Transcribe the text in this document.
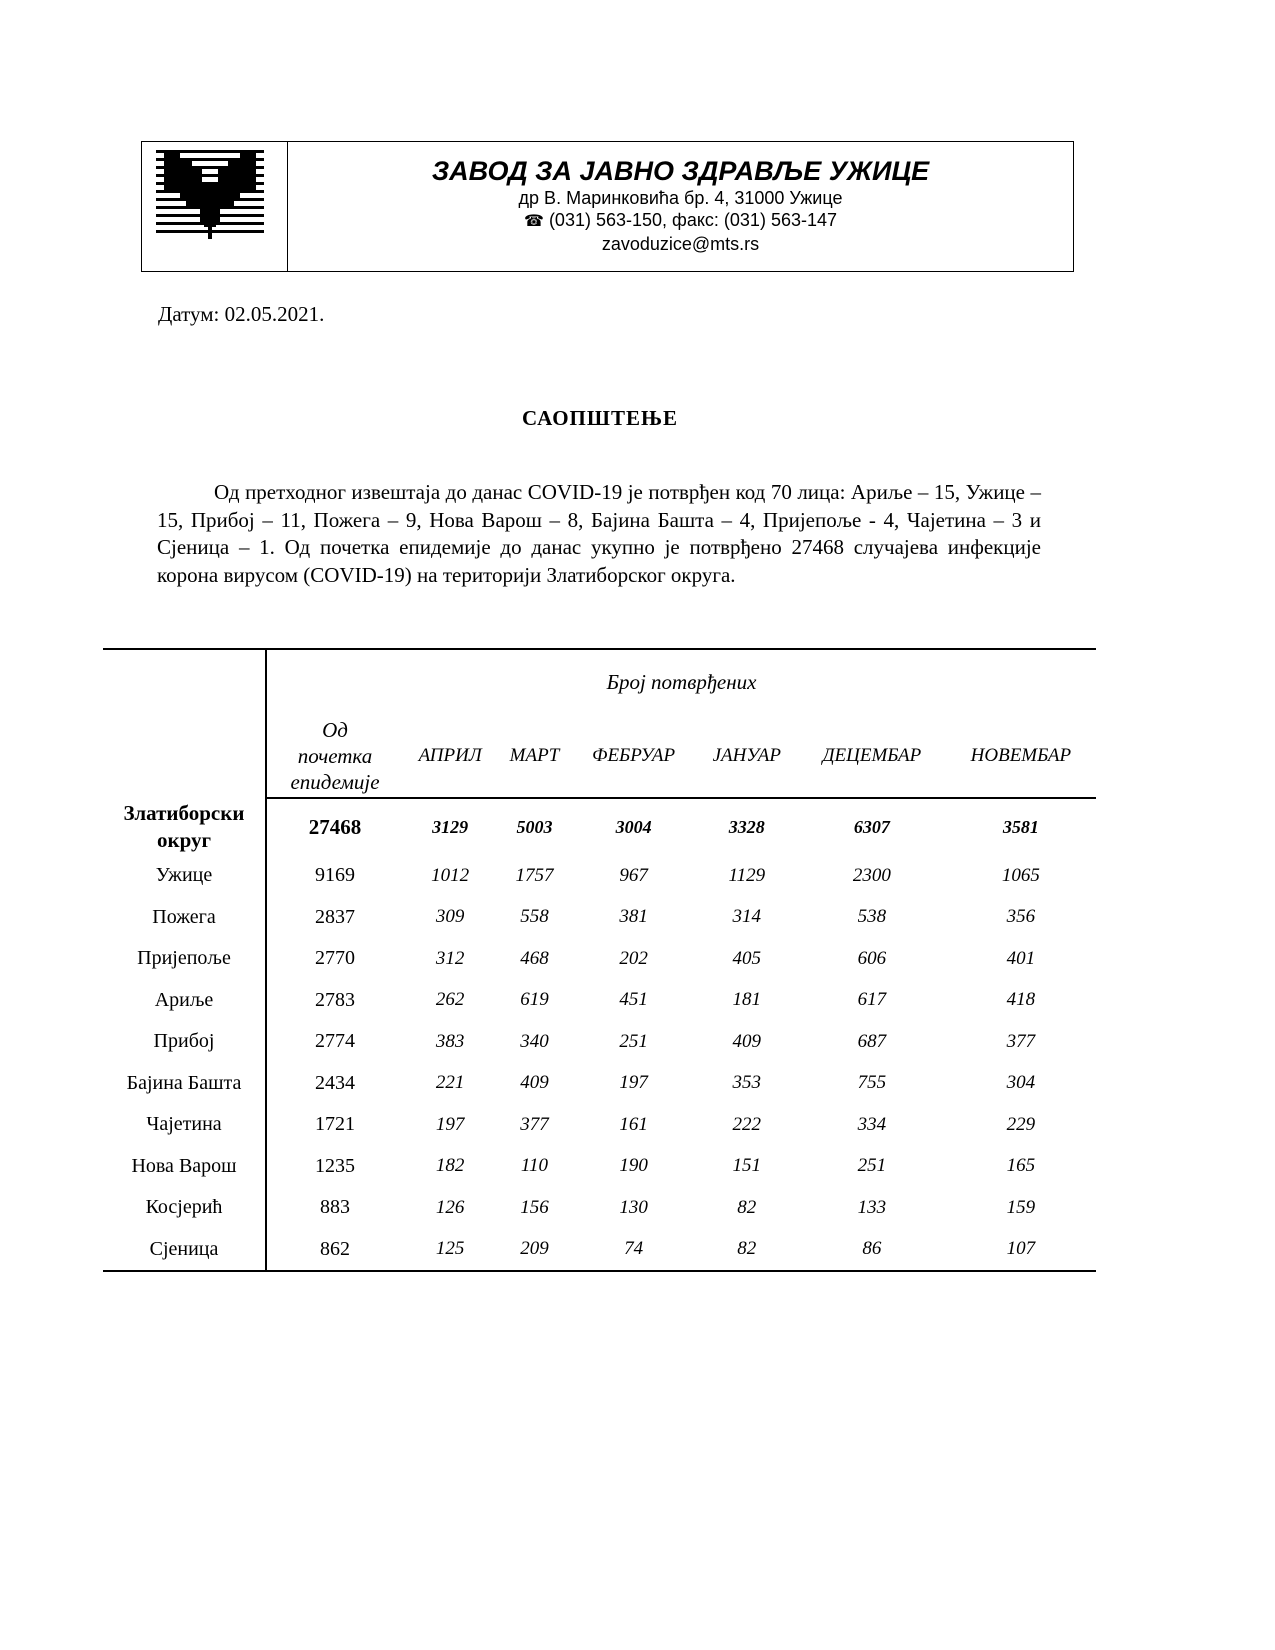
ЗАВОД ЗА ЈАВНО ЗДРАВЉЕ УЖИЦЕ
др В. Маринковића бр. 4, 31000 Ужице
☎ (031) 563-150, факс: (031) 563-147
zavoduzice@mts.rs
Датум: 02.05.2021.
САОПШТЕЊЕ

Од претходног извештаја до данас COVID-19 је потврђен код 70 лица: Ариље – 15, Ужице – 15, Прибој – 11, Пожега – 9, Нова Варош – 8, Бајина Башта – 4, Пријепоље - 4, Чајетина – 3 и Сјеница – 1. Од почетка епидемије до данас укупно је потврђено 27468 случајева инфекције корона вирусом (COVID-19) на територији Златиборског округа.

	Број потврђених						
	Од
почетка
епидемије	АПРИЛ	МАРТ	ФЕБРУАР	ЈАНУАР	ДЕЦЕМБАР	НОВЕМБАР
Златиборски
округ	27468	3129	5003	3004	3328	6307	3581
Ужице	9169	1012	1757	967	1129	2300	1065
Пожега	2837	309	558	381	314	538	356
Пријепоље	2770	312	468	202	405	606	401
Ариље	2783	262	619	451	181	617	418
Прибој	2774	383	340	251	409	687	377
Бајина Башта	2434	221	409	197	353	755	304
Чајетина	1721	197	377	161	222	334	229
Нова Варош	1235	182	110	190	151	251	165
Косјерић	883	126	156	130	82	133	159
Сјеница	862	125	209	74	82	86	107
